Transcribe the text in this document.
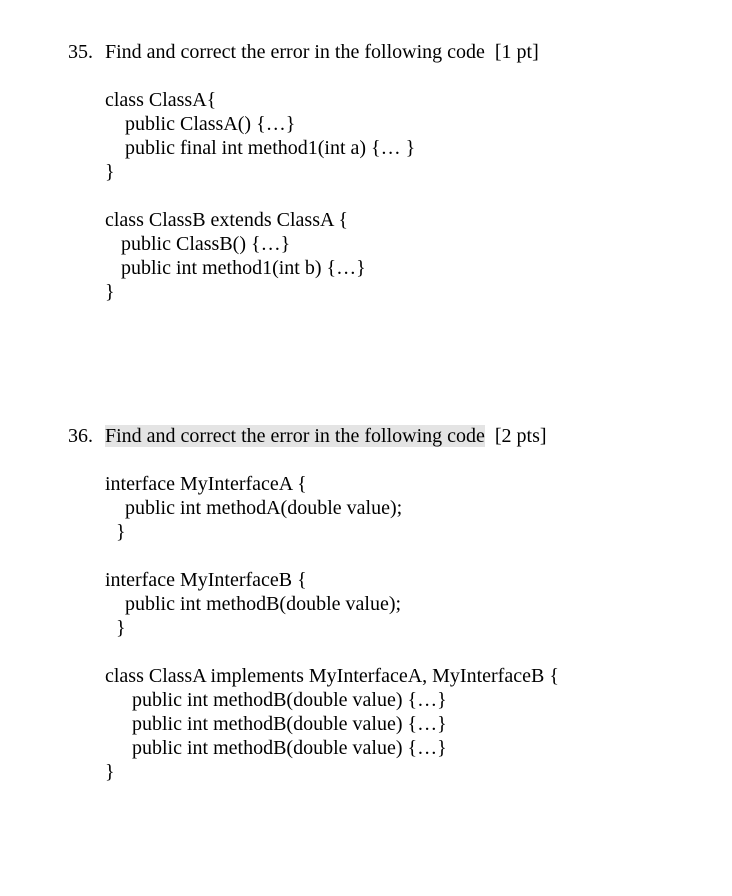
35. Find and correct the error in the following code [1 pt]
class ClassA{
public ClassA() {…}
public final int method1(int a) {… }
}
class ClassB extends ClassA {
public ClassB() {…}
public int method1(int b) {…}
}
36. Find and correct the error in the following code [2 pts]
interface MyInterfaceA {
public int methodA(double value);
}
interface MyInterfaceB {
public int methodB(double value);
}
class ClassA implements MyInterfaceA, MyInterfaceB {
public int methodB(double value) {…}
public int methodB(double value) {…}
public int methodB(double value) {…}
}
